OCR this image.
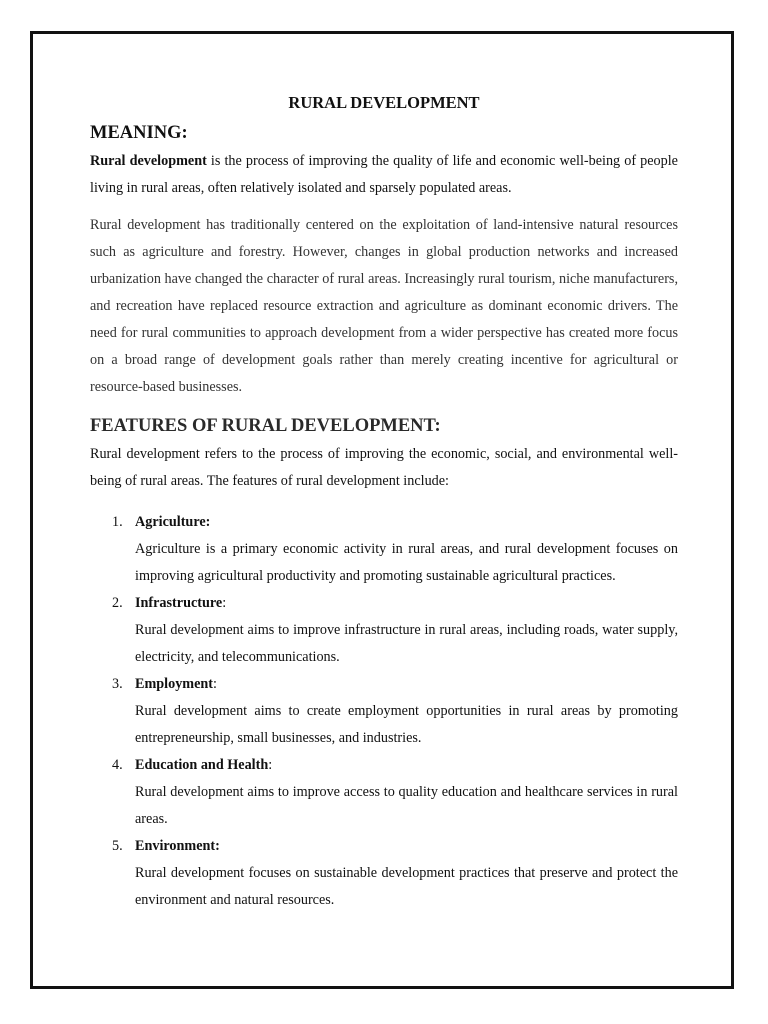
RURAL DEVELOPMENT
MEANING:

Rural development is the process of improving the quality of life and economic well-being of people living in rural areas, often relatively isolated and sparsely populated areas.

Rural development has traditionally centered on the exploitation of land-intensive natural resources such as agriculture and forestry. However, changes in global production networks and increased urbanization have changed the character of rural areas. Increasingly rural tourism, niche manufacturers, and recreation have replaced resource extraction and agriculture as dominant economic drivers. The need for rural communities to approach development from a wider perspective has created more focus on a broad range of development goals rather than merely creating incentive for agricultural or resource-based businesses.

FEATURES OF RURAL DEVELOPMENT:

Rural development refers to the process of improving the economic, social, and environmental well-being of rural areas. The features of rural development include:

1. Agriculture:
Agriculture is a primary economic activity in rural areas, and rural development focuses on improving agricultural productivity and promoting sustainable agricultural practices.
2. Infrastructure:
Rural development aims to improve infrastructure in rural areas, including roads, water supply, electricity, and telecommunications.
3. Employment:
Rural development aims to create employment opportunities in rural areas by promoting entrepreneurship, small businesses, and industries.
4. Education and Health:
Rural development aims to improve access to quality education and healthcare services in rural areas.
5. Environment:
Rural development focuses on sustainable development practices that preserve and protect the environment and natural resources.
